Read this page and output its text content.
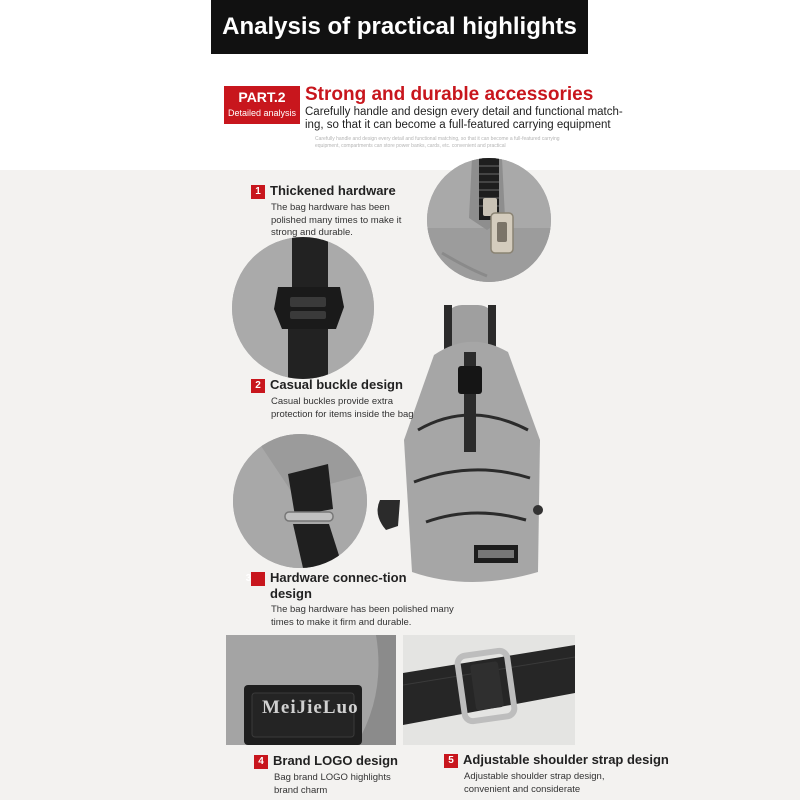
Analysis of practical highlights
PART.2
Detailed analysis
Strong and durable accessories
Carefully handle and design every detail and functional match-ing, so that it can become a full-featured carrying equipment
Carefully handle and design every detail and functional matching, so that it can become a full-featured carrying equipment, compartments can store power banks, cards, etc. convenient and practical
MeiJieLuo
1 Thickened hardware
The bag hardware has been polished many times to make it strong and durable.
2 Casual buckle design
Casual buckles provide extra protection for items inside the bag
3 Hardware connec-tion design
The bag hardware has been polished many times to make it firm and durable.
4 Brand LOGO design
Bag brand LOGO highlights brand charm
5 Adjustable shoulder strap design
Adjustable shoulder strap design, convenient and considerate
